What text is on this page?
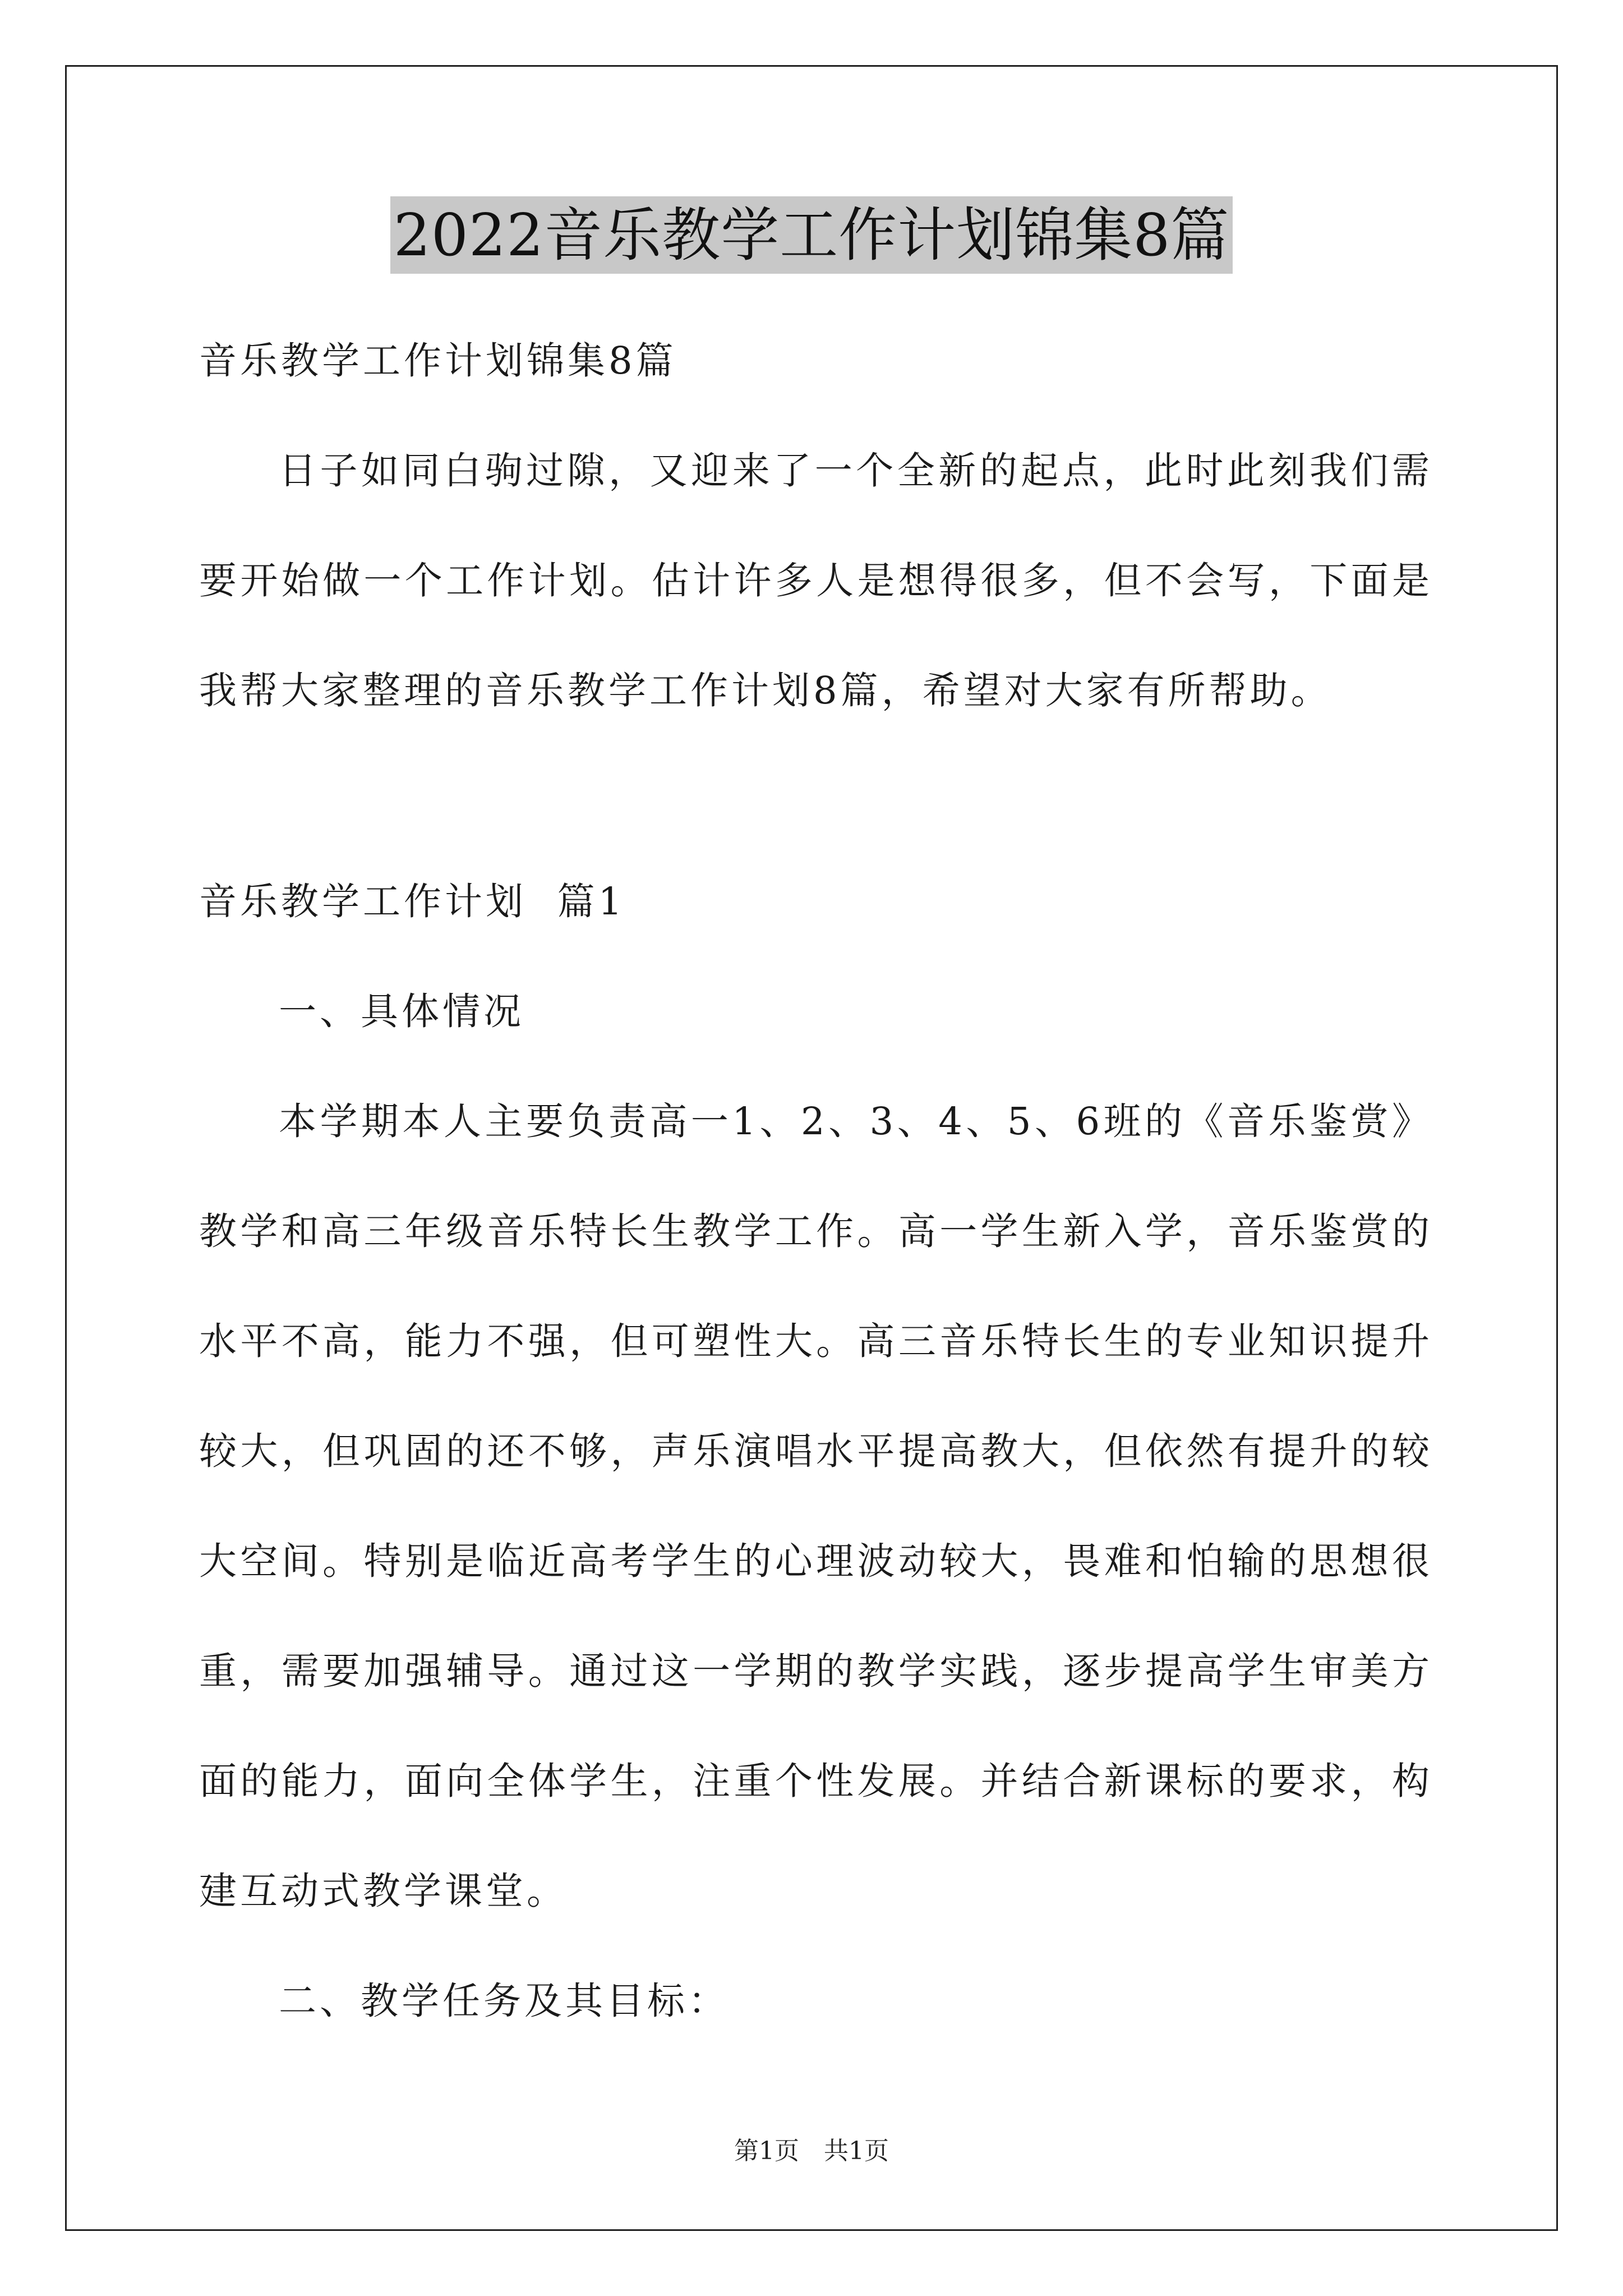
2022音乐教学工作计划锦集8篇
音乐教学工作计划锦集8篇

日子如同白驹过隙，又迎来了一个全新的起点，此时此刻我们需要开始做一个工作计划。估计许多人是想得很多，但不会写，下面是我帮大家整理的音乐教学工作计划8篇，希望对大家有所帮助。

音乐教学工作计划  篇1
一、具体情况

本学期本人主要负责高一1、2、3、4、5、6班的《音乐鉴赏》教学和高三年级音乐特长生教学工作。高一学生新入学，音乐鉴赏的水平不高，能力不强，但可塑性大。高三音乐特长生的专业知识提升较大，但巩固的还不够，声乐演唱水平提高教大，但依然有提升的较大空间。特别是临近高考学生的心理波动较大，畏难和怕输的思想很重，需要加强辅导。通过这一学期的教学实践，逐步提高学生审美方面的能力，面向全体学生，注重个性发展。并结合新课标的要求，构建互动式教学课堂。

二、教学任务及其目标：
第1页 共1页
